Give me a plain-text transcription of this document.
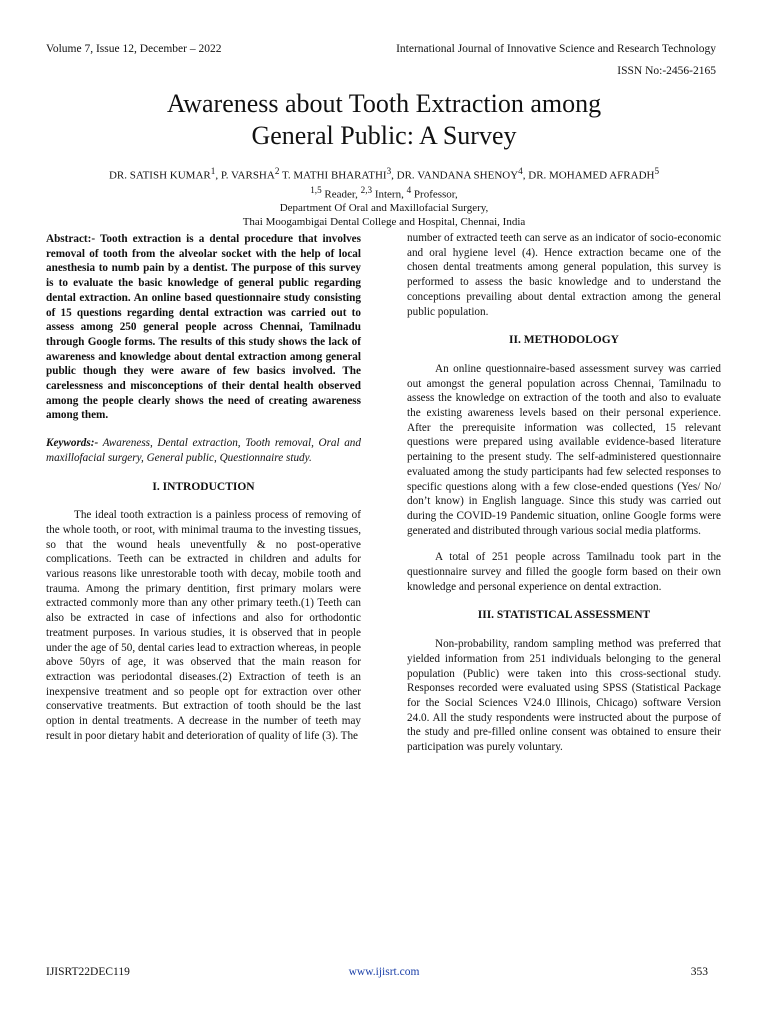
Volume 7, Issue 12, December – 2022	International Journal of Innovative Science and Research Technology
ISSN No:-2456-2165
Awareness about Tooth Extraction among
General Public: A Survey
DR. SATISH KUMAR$^1$, P. VARSHA$^2$ T. MATHI BHARATHI$^3$, DR. VANDANA SHENOY$^4$, DR. MOHAMED AFRADH$^5$
$^{1,5}$ Reader, $^{2,3}$ Intern, $^4$ Professor,
Department Of Oral and Maxillofacial Surgery,
Thai Moogambigai Dental College and Hospital, Chennai, India

Abstract:- Tooth extraction is a dental procedure that involves removal of tooth from the alveolar socket with the help of local anesthesia to numb pain by a dentist. The purpose of this survey is to evaluate the basic knowledge of general public regarding dental extraction. An online based questionnaire study consisting of 15 questions regarding dental extraction was carried out to assess among 250 general people across Chennai, Tamilnadu through Google forms. The results of this study shows the lack of awareness and knowledge about dental extraction among general public though they were aware of few basics involved. The carelessness and misconceptions of their dental health observed among the people clearly shows the need of creating awareness among them.

Keywords:- Awareness, Dental extraction, Tooth removal, Oral and maxillofacial surgery, General public, Questionnaire study.

I. INTRODUCTION

The ideal tooth extraction is a painless process of removing of the whole tooth, or root, with minimal trauma to the investing tissues, so that the wound heals uneventfully & no post-operative complications. Teeth can be extracted in children and adults for various reasons like unrestorable tooth with decay, mobile tooth and trauma. Among the primary dentition, first primary molars were extracted commonly more than any other primary teeth.(1) Teeth can also be extracted in case of infections and also for orthodontic treatment purposes. In various studies, it is observed that in people under the age of 50, dental caries lead to extraction whereas, in people above 50yrs of age, it was observed that the main reason for extraction was periodontal diseases.(2) Extraction of teeth is an inexpensive treatment and so people opt for extraction over other conservative treatments. But extraction of tooth should be the last option in dental treatments. A decrease in the number of teeth may result in poor dietary habit and deterioration of quality of life (3). The

number of extracted teeth can serve as an indicator of socio-economic and oral hygiene level (4). Hence extraction became one of the chosen dental treatments among general population, this survey is performed to assess the basic knowledge and to understand the conceptions prevailing about dental extraction among the general public population.

II. METHODOLOGY

An online questionnaire-based assessment survey was carried out amongst the general population across Chennai, Tamilnadu to assess the knowledge on extraction of the tooth and also to evaluate the existing awareness levels based on their personal experience. After the prerequisite information was collected, 15 relevant questions were prepared using available evidence-based literature pertaining to the present study. The self-administered questionnaire evaluated among the study participants had few selected responses to specific questions along with a few close-ended questions (Yes/ No/ don’t know) in English language. Since this study was carried out during the COVID-19 Pandemic situation, online Google forms were generated and distributed through various social media platforms.

A total of 251 people across Tamilnadu took part in the questionnaire survey and filled the google form based on their own knowledge and personal experience on dental extraction.

III. STATISTICAL ASSESSMENT

Non-probability, random sampling method was preferred that yielded information from 251 individuals belonging to the general population (Public) were taken into this cross-sectional study. Responses recorded were evaluated using SPSS (Statistical Package for the Social Sciences V24.0 Illinois, Chicago) software Version 24.0. All the study respondents were instructed about the purpose of the study and pre-filled online consent was obtained to ensure their participation was purely voluntary.

IJISRT22DEC119	www.ijisrt.com	353
